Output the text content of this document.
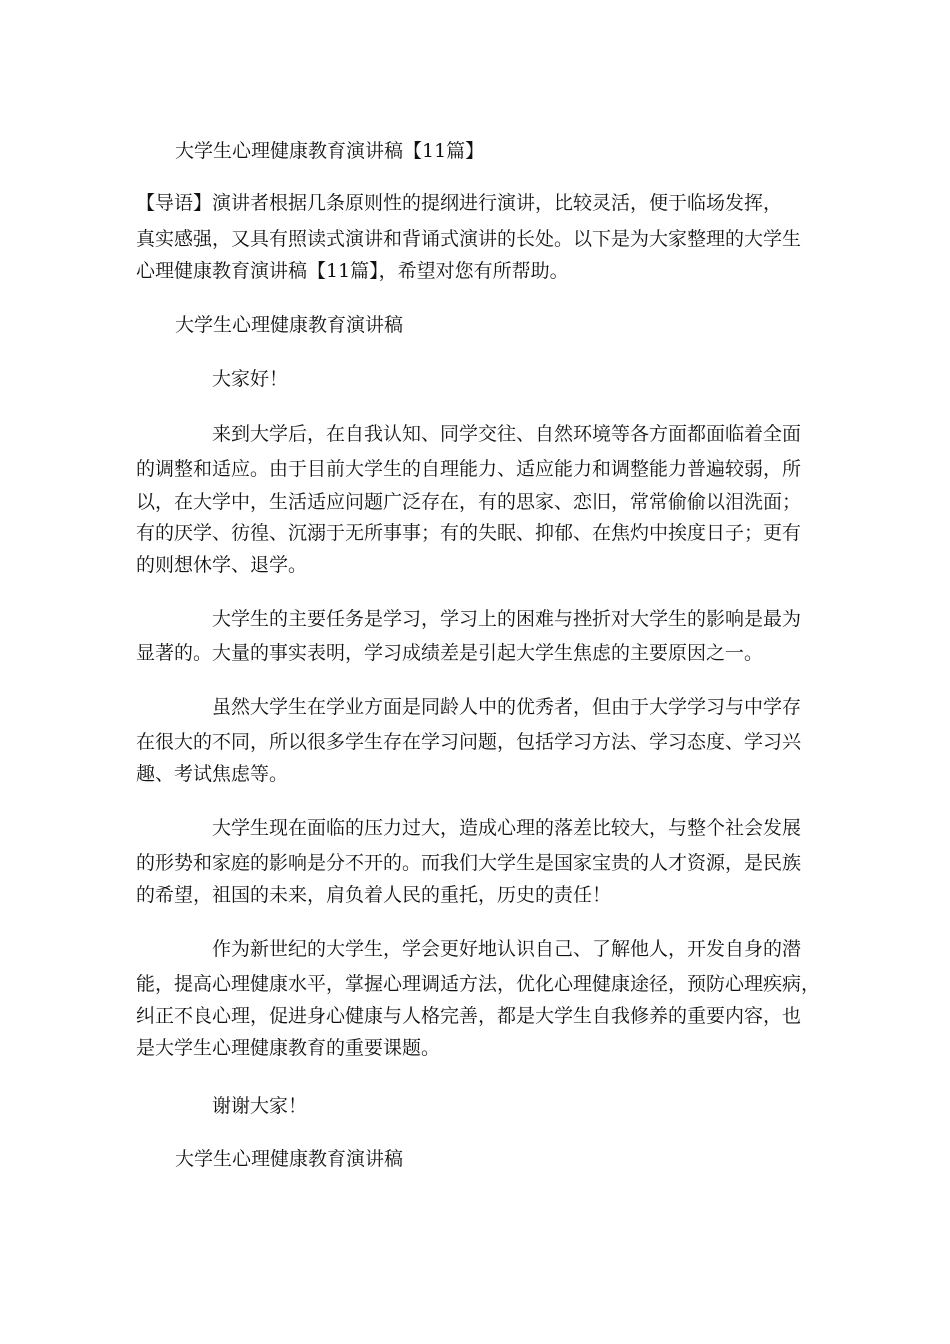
大学生心理健康教育演讲稿【11篇】
【导语】演讲者根据几条原则性的提纲进行演讲，比较灵活，便于临场发挥，
真实感强，又具有照读式演讲和背诵式演讲的长处。以下是为大家整理的大学生
心理健康教育演讲稿【11篇】，希望对您有所帮助。
大学生心理健康教育演讲稿
大家好！
来到大学后，在自我认知、同学交往、自然环境等各方面都面临着全面
的调整和适应。由于目前大学生的自理能力、适应能力和调整能力普遍较弱，所
以，在大学中，生活适应问题广泛存在，有的思家、恋旧，常常偷偷以泪洗面；
有的厌学、彷徨、沉溺于无所事事；有的失眠、抑郁、在焦灼中挨度日子；更有
的则想休学、退学。
大学生的主要任务是学习，学习上的困难与挫折对大学生的影响是最为
显著的。大量的事实表明，学习成绩差是引起大学生焦虑的主要原因之一。
虽然大学生在学业方面是同龄人中的优秀者，但由于大学学习与中学存
在很大的不同，所以很多学生存在学习问题，包括学习方法、学习态度、学习兴
趣、考试焦虑等。
大学生现在面临的压力过大，造成心理的落差比较大，与整个社会发展
的形势和家庭的影响是分不开的。而我们大学生是国家宝贵的人才资源，是民族
的希望，祖国的未来，肩负着人民的重托，历史的责任！
作为新世纪的大学生，学会更好地认识自己、了解他人，开发自身的潜
能，提高心理健康水平，掌握心理调适方法，优化心理健康途径，预防心理疾病，
纠正不良心理，促进身心健康与人格完善，都是大学生自我修养的重要内容，也
是大学生心理健康教育的重要课题。
谢谢大家！
大学生心理健康教育演讲稿
